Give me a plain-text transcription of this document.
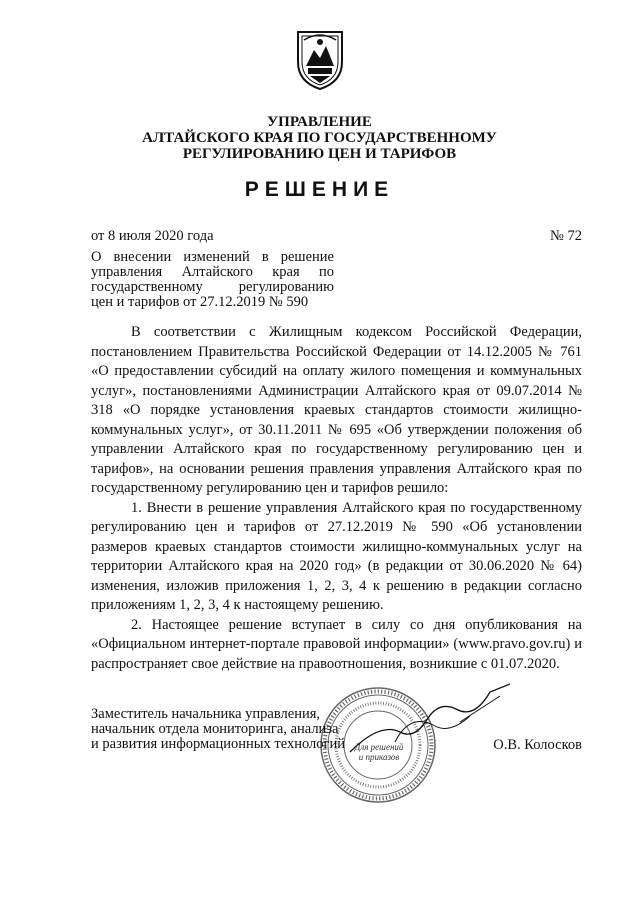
УПРАВЛЕНИЕ
АЛТАЙСКОГО КРАЯ ПО ГОСУДАРСТВЕННОМУ
РЕГУЛИРОВАНИЮ ЦЕН И ТАРИФОВ
РЕШЕНИЕ
от 8 июля 2020 года	№ 72
О внесении изменений в решение
управления Алтайского края по
государственному регулированию
цен и тарифов от 27.12.2019 № 590

В соответствии с Жилищным кодексом Российской Федерации, постановлением Правительства Российской Федерации от 14.12.2005 № 761 «О предоставлении субсидий на оплату жилого помещения и коммунальных услуг», постановлениями Администрации Алтайского края от 09.07.2014 № 318 «О порядке установления краевых стандартов стоимости жилищно-коммунальных услуг», от 30.11.2011 № 695 «Об утверждении положения об управлении Алтайского края по государственному регулированию цен и тарифов», на основании решения правления управления Алтайского края по государственному регулированию цен и тарифов решило:

1. Внести в решение управления Алтайского края по государственному регулированию цен и тарифов от 27.12.2019 № 590 «Об установлении размеров краевых стандартов стоимости жилищно-коммунальных услуг на территории Алтайского края на 2020 год» (в редакции от 30.06.2020 № 64) изменения, изложив приложения 1, 2, 3, 4 к решению в редакции согласно приложениям 1, 2, 3, 4 к настоящему решению.

2. Настоящее решение вступает в силу со дня опубликования на «Официальном интернет-портале правовой информации» (www.pravo.gov.ru) и распространяет свое действие на правоотношения, возникшие с 01.07.2020.

Для решений
и приказов
Заместитель начальника управления,
начальник отдела мониторинга, анализа
и развития информационных технологий	О.В. Колосков
